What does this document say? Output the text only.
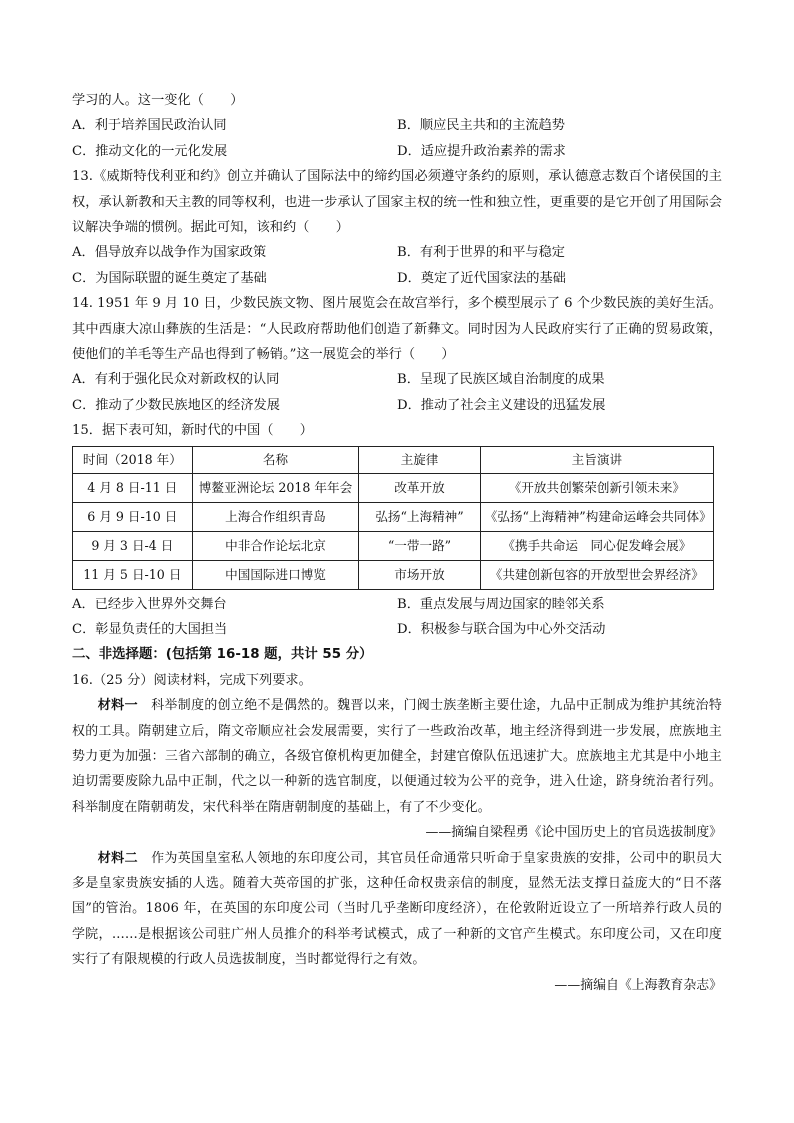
学习的人。这一变化（　　）
A．利于培养国民政治认同	B．顺应民主共和的主流趋势
C．推动文化的一元化发展	D．适应提升政治素养的需求
13.《威斯特伐利亚和约》创立并确认了国际法中的缔约国必须遵守条约的原则，承认德意志数百个诸侯国的主权，承认新教和天主教的同等权利，也进一步承认了国家主权的统一性和独立性，更重要的是它开创了用国际会议解决争端的惯例。据此可知，该和约（　　）
A．倡导放弃以战争作为国家政策	B．有利于世界的和平与稳定
C．为国际联盟的诞生奠定了基础	D．奠定了近代国家法的基础
14. 1951 年 9 月 10 日，少数民族文物、图片展览会在故宫举行，多个模型展示了 6 个少数民族的美好生活。其中西康大凉山彝族的生活是：“人民政府帮助他们创造了新彝文。同时因为人民政府实行了正确的贸易政策，使他们的羊毛等生产品也得到了畅销。”这一展览会的举行（　　）
A．有利于强化民众对新政权的认同	B．呈现了民族区域自治制度的成果
C．推动了少数民族地区的经济发展	D．推动了社会主义建设的迅猛发展
15．据下表可知，新时代的中国（　　）
时间（2018 年）	名称	主旋律	主旨演讲
4 月 8 日-11 日	博鳌亚洲论坛 2018 年年会	改革开放	《开放共创繁荣创新引领未来》
6 月 9 日-10 日	上海合作组织青岛	弘扬“上海精神”	《弘扬“上海精神”构建命运峰会共同体》
9 月 3 日-4 日	中非合作论坛北京	“一带一路”	《携手共命运　同心促发峰会展》
11 月 5 日-10 日	中国国际进口博览	市场开放	《共建创新包容的开放型世会界经济》
A．已经步入世界外交舞台	B．重点发展与周边国家的睦邻关系
C．彰显负责任的大国担当	D．积极参与联合国为中心外交活动
二、非选择题：(包括第 16-18 题，共计 55 分）
16.（25 分）阅读材料，完成下列要求。
材料一　科举制度的创立绝不是偶然的。魏晋以来，门阀士族垄断主要仕途，九品中正制成为维护其统治特权的工具。隋朝建立后，隋文帝顺应社会发展需要，实行了一些政治改革，地主经济得到进一步发展，庶族地主势力更为加强：三省六部制的确立，各级官僚机构更加健全，封建官僚队伍迅速扩大。庶族地主尤其是中小地主迫切需要废除九品中正制，代之以一种新的选官制度，以便通过较为公平的竞争，进入仕途，跻身统治者行列。科举制度在隋朝萌发，宋代科举在隋唐朝制度的基础上，有了不少变化。
——摘编自梁程勇《论中国历史上的官员选拔制度》
材料二　作为英国皇室私人领地的东印度公司，其官员任命通常只听命于皇家贵族的安排，公司中的职员大多是皇家贵族安插的人选。随着大英帝国的扩张，这种任命权贵亲信的制度，显然无法支撑日益庞大的“日不落国”的管治。1806 年，在英国的东印度公司（当时几乎垄断印度经济），在伦敦附近设立了一所培养行政人员的学院，……是根据该公司驻广州人员推介的科举考试模式，成了一种新的文官产生模式。东印度公司，又在印度实行了有限规模的行政人员选拔制度，当时都觉得行之有效。
——摘编自《上海教育杂志》
